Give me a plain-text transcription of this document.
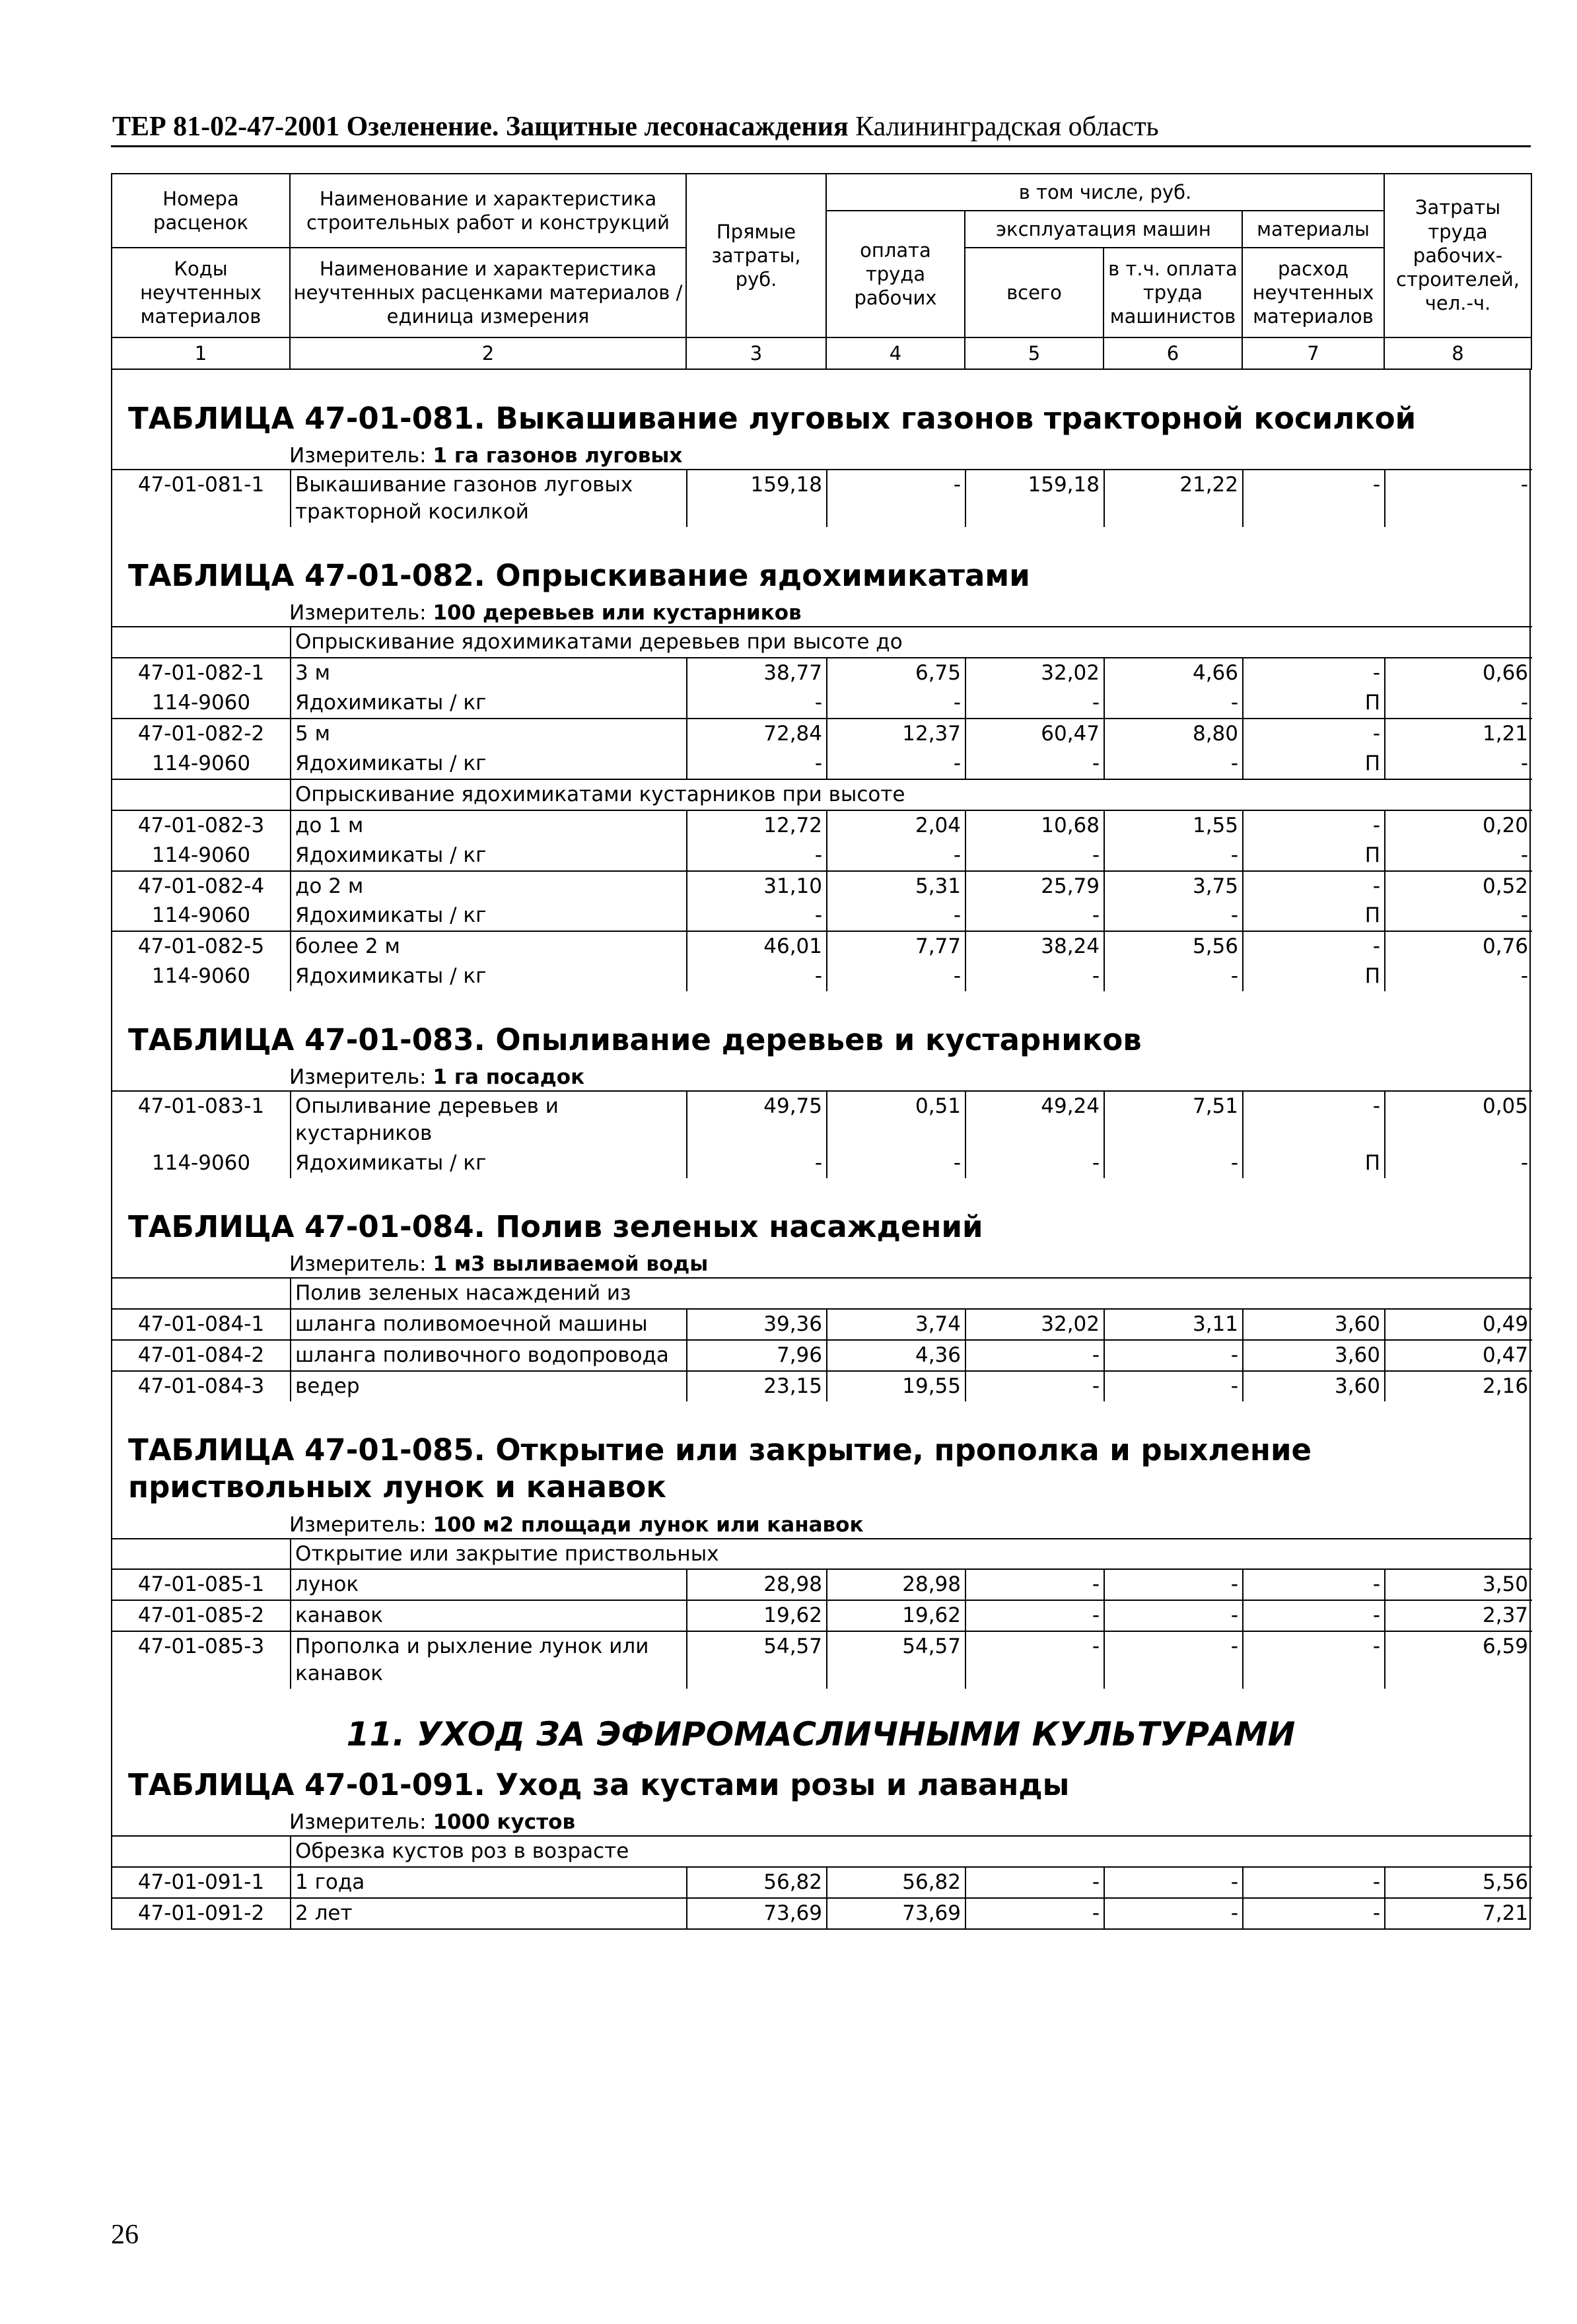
ТЕР 81-02-47-2001 Озеленение. Защитные лесонасаждения Калининградская область
Номера расценок	Наименование и характеристика строительных работ и конструкций	Прямые затраты, руб.	в том числе, руб.				Затраты труда рабочих-строителей, чел.-ч.
			оплата труда рабочих	эксплуатация машин		материалы	
Коды неучтенных материалов	Наименование и характеристика неучтенных расценками материалов / единица измерения			всего	в т.ч. оплата труда машинистов	расход неучтенных материалов	

1	2	3	4	5	6	7	8
ТАБЛИЦА 47-01-081. Выкашивание луговых газонов тракторной косилкой
Измеритель: 1 га газонов луговых
47-01-081-1	Выкашивание газонов луговых тракторной косилкой	159,18	-	159,18	21,22	-	-
ТАБЛИЦА 47-01-082. Опрыскивание ядохимикатами
Измеритель: 100 деревьев или кустарников
	Опрыскивание ядохимикатами деревьев при высоте до						
47-01-082-1	3 м	38,77	6,75	32,02	4,66	-	0,66
114-9060	Ядохимикаты / кг	-	-	-	-	П	-
47-01-082-2	5 м	72,84	12,37	60,47	8,80	-	1,21
114-9060	Ядохимикаты / кг	-	-	-	-	П	-
	Опрыскивание ядохимикатами кустарников при высоте						
47-01-082-3	до 1 м	12,72	2,04	10,68	1,55	-	0,20
114-9060	Ядохимикаты / кг	-	-	-	-	П	-
47-01-082-4	до 2 м	31,10	5,31	25,79	3,75	-	0,52
114-9060	Ядохимикаты / кг	-	-	-	-	П	-
47-01-082-5	более 2 м	46,01	7,77	38,24	5,56	-	0,76
114-9060	Ядохимикаты / кг	-	-	-	-	П	-
ТАБЛИЦА 47-01-083. Опыливание деревьев и кустарников
Измеритель: 1 га посадок
47-01-083-1	Опыливание деревьев и кустарников	49,75	0,51	49,24	7,51	-	0,05
114-9060	Ядохимикаты / кг	-	-	-	-	П	-
ТАБЛИЦА 47-01-084. Полив зеленых насаждений
Измеритель: 1 м3 выливаемой воды
	Полив зеленых насаждений из						
47-01-084-1	шланга поливомоечной машины	39,36	3,74	32,02	3,11	3,60	0,49
47-01-084-2	шланга поливочного водопровода	7,96	4,36	-	-	3,60	0,47
47-01-084-3	ведер	23,15	19,55	-	-	3,60	2,16
ТАБЛИЦА 47-01-085. Открытие или закрытие, прополка и рыхление приствольных лунок и канавок
Измеритель: 100 м2 площади лунок или канавок
	Открытие или закрытие приствольных						
47-01-085-1	лунок	28,98	28,98	-	-	-	3,50
47-01-085-2	канавок	19,62	19,62	-	-	-	2,37
47-01-085-3	Прополка и рыхление лунок или канавок	54,57	54,57	-	-	-	6,59
11. УХОД ЗА ЭФИРОМАСЛИЧНЫМИ КУЛЬТУРАМИ
ТАБЛИЦА 47-01-091. Уход за кустами розы и лаванды
Измеритель: 1000 кустов
	Обрезка кустов роз в возрасте						
47-01-091-1	1 года	56,82	56,82	-	-	-	5,56
47-01-091-2	2 лет	73,69	73,69	-	-	-	7,21
26
